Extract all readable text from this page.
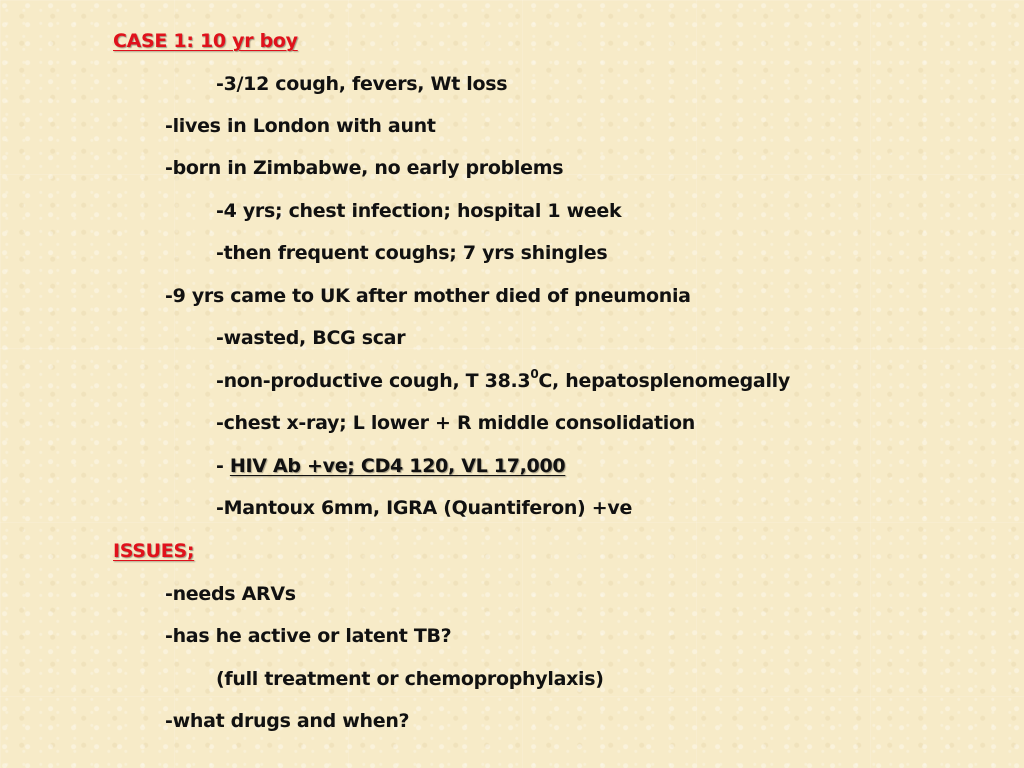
CASE 1: 10 yr boy
-3/12 cough, fevers, Wt loss
-lives in London with aunt
-born in Zimbabwe, no early problems
-4 yrs; chest infection; hospital 1 week
-then frequent coughs; 7 yrs shingles
-9 yrs came to UK after mother died of pneumonia
-wasted, BCG scar
-non-productive cough, T 38.3$^0$C, hepatosplenomegally
-chest x-ray; L lower + R middle consolidation
- HIV Ab +ve; CD4 120, VL 17,000
-Mantoux 6mm, IGRA (Quantiferon) +ve
ISSUES;
-needs ARVs
-has he active or latent TB?
(full treatment or chemoprophylaxis)
-what drugs and when?
